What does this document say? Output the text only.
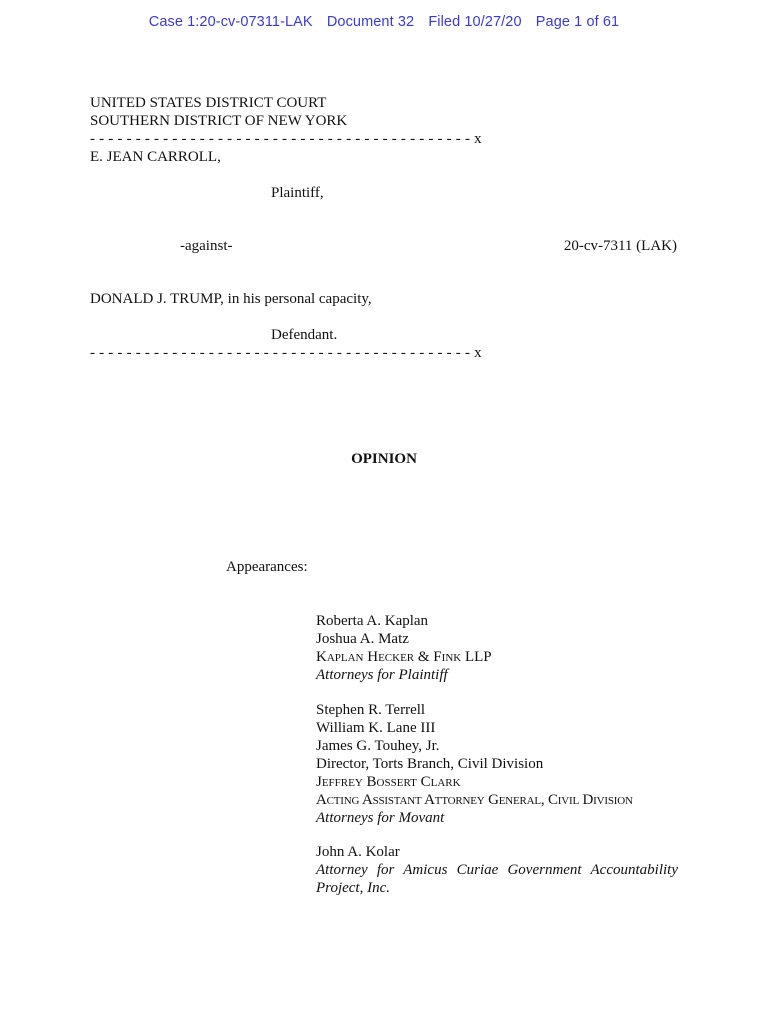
Case 1:20-cv-07311-LAK Document 32 Filed 10/27/20 Page 1 of 61
UNITED STATES DISTRICT COURT
SOUTHERN DISTRICT OF NEW YORK
- - - - - - - - - - - - - - - - - - - - - - - - - - - - - - - - - - - - - - - - - - x
E. JEAN CARROLL,
Plaintiff,
-against-	20-cv-7311 (LAK)
DONALD J. TRUMP, in his personal capacity,
Defendant.
- - - - - - - - - - - - - - - - - - - - - - - - - - - - - - - - - - - - - - - - - - x
OPINION
Appearances:
Roberta A. Kaplan
Joshua A. Matz
Kaplan Hecker & Fink LLP
Attorneys for Plaintiff
Stephen R. Terrell
William K. Lane III
James G. Touhey, Jr.
Director, Torts Branch, Civil Division
Jeffrey Bossert Clark
Acting Assistant Attorney General, Civil Division
Attorneys for Movant
John A. Kolar
Attorney for Amicus Curiae Government Accountability Project, Inc.
